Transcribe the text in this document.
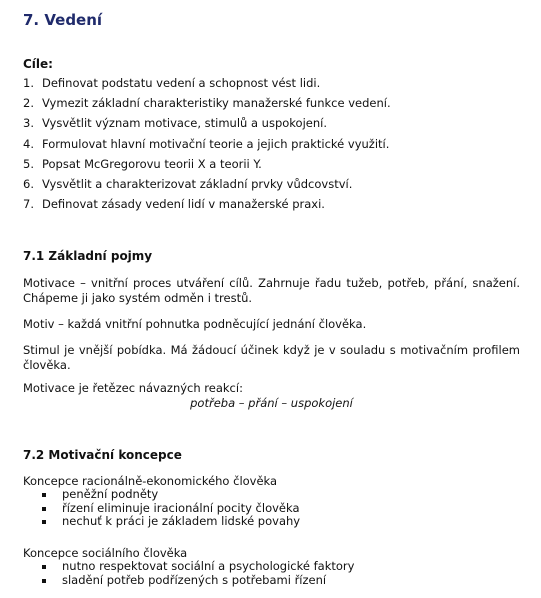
7. Vedení
Cíle:
1. Definovat podstatu vedení a schopnost vést lidi.
2. Vymezit základní charakteristiky manažerské funkce vedení.
3. Vysvětlit význam motivace, stimulů a uspokojení.
4. Formulovat hlavní motivační teorie a jejich praktické využití.
5. Popsat McGregorovu teorii X a teorii Y.
6. Vysvětlit a charakterizovat základní prvky vůdcovství.
7. Definovat zásady vedení lidí v manažerské praxi.
7.1 Základní pojmy
Motivace – vnitřní proces utváření cílů. Zahrnuje řadu tužeb, potřeb, přání, snažení. Chápeme ji jako systém odměn i trestů.
Motiv – každá vnitřní pohnutka podněcující jednání člověka.
Stimul je vnější pobídka. Má žádoucí účinek když je v souladu s motivačním profilem člověka.
Motivace je řetězec návazných reakcí:
potřeba – přání – uspokojení
7.2 Motivační koncepce
Koncepce racionálně-ekonomického člověka
peněžní podněty
řízení eliminuje iracionální pocity člověka
nechuť k práci je základem lidské povahy
Koncepce sociálního člověka
nutno respektovat sociální a psychologické faktory
sladění potřeb podřízených s potřebami řízení
